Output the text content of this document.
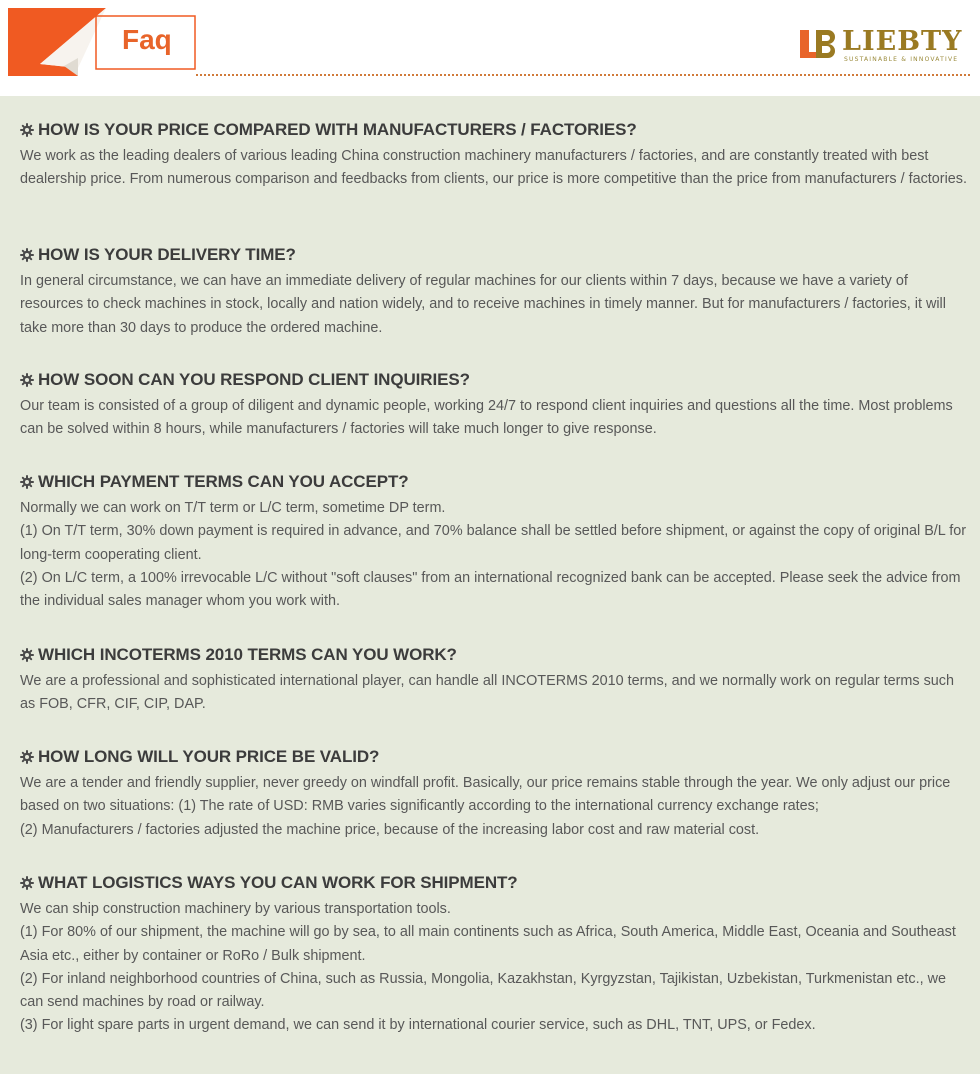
Faq	LIEBTY
SUSTAINABLE & INNOVATIVE
HOW IS YOUR PRICE COMPARED WITH MANUFACTURERS / FACTORIES?

We work as the leading dealers of various leading China construction machinery manufacturers / factories, and are constantly treated with best dealership price. From numerous comparison and feedbacks from clients, our price is more competitive than the price from manufacturers / factories.

HOW IS YOUR DELIVERY TIME?

In general circumstance, we can have an immediate delivery of regular machines for our clients within 7 days, because we have a variety of resources to check machines in stock, locally and nation widely, and to receive machines in timely manner. But for manufacturers / factories, it will take more than 30 days to produce the ordered machine.

HOW SOON CAN YOU RESPOND CLIENT INQUIRIES?

Our team is consisted of a group of diligent and dynamic people, working 24/7 to respond client inquiries and questions all the time. Most problems can be solved within 8 hours, while manufacturers / factories will take much longer to give response.

WHICH PAYMENT TERMS CAN YOU ACCEPT?

Normally we can work on T/T term or L/C term, sometime DP term.

(1) On T/T term, 30% down payment is required in advance, and 70% balance shall be settled before shipment, or against the copy of original B/L for long-term cooperating client.

(2) On L/C term, a 100% irrevocable L/C without "soft clauses" from an international recognized bank can be accepted. Please seek the advice from the individual sales manager whom you work with.

WHICH INCOTERMS 2010 TERMS CAN YOU WORK?

We are a professional and sophisticated international player, can handle all INCOTERMS 2010 terms, and we normally work on regular terms such as FOB, CFR, CIF, CIP, DAP.

HOW LONG WILL YOUR PRICE BE VALID?

We are a tender and friendly supplier, never greedy on windfall profit. Basically, our price remains stable through the year. We only adjust our price based on two situations: (1) The rate of USD: RMB varies significantly according to the international currency exchange rates;

(2) Manufacturers / factories adjusted the machine price, because of the increasing labor cost and raw material cost.

WHAT LOGISTICS WAYS YOU CAN WORK FOR SHIPMENT?

We can ship construction machinery by various transportation tools.

(1) For 80% of our shipment, the machine will go by sea, to all main continents such as Africa, South America, Middle East, Oceania and Southeast Asia etc., either by container or RoRo / Bulk shipment.

(2) For inland neighborhood countries of China, such as Russia, Mongolia, Kazakhstan, Kyrgyzstan, Tajikistan, Uzbekistan, Turkmenistan etc., we can send machines by road or railway.

(3) For light spare parts in urgent demand, we can send it by international courier service, such as DHL, TNT, UPS, or Fedex.
